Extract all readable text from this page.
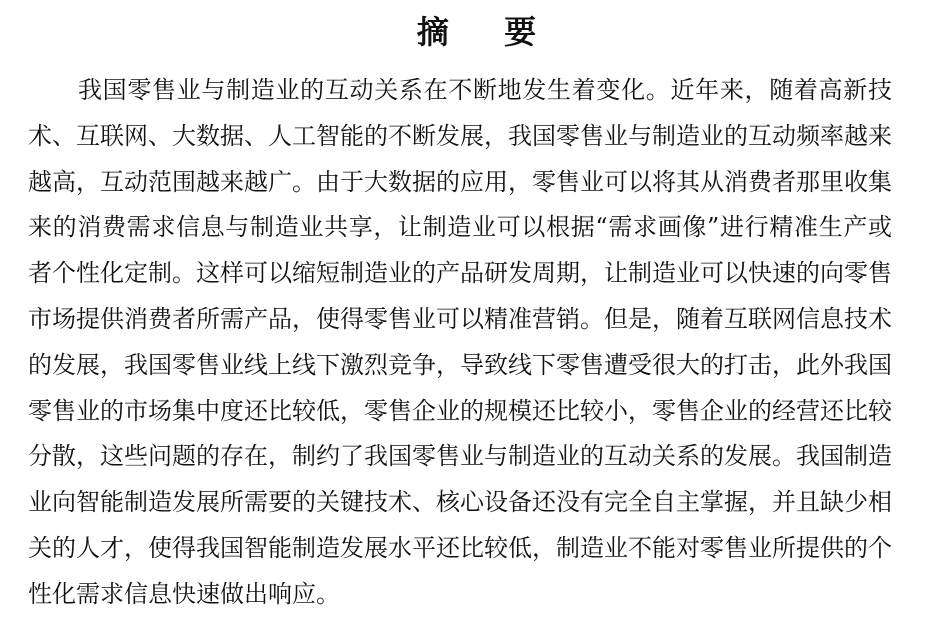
摘 要

我国零售业与制造业的互动关系在不断地发生着变化。近年来，随着高新技术、互联网、大数据、人工智能的不断发展，我国零售业与制造业的互动频率越来越高，互动范围越来越广。由于大数据的应用，零售业可以将其从消费者那里收集来的消费需求信息与制造业共享，让制造业可以根据“需求画像”进行精准生产或者个性化定制。这样可以缩短制造业的产品研发周期，让制造业可以快速的向零售市场提供消费者所需产品，使得零售业可以精准营销。但是，随着互联网信息技术的发展，我国零售业线上线下激烈竞争，导致线下零售遭受很大的打击，此外我国零售业的市场集中度还比较低，零售企业的规模还比较小，零售企业的经营还比较分散，这些问题的存在，制约了我国零售业与制造业的互动关系的发展。我国制造业向智能制造发展所需要的关键技术、核心设备还没有完全自主掌握，并且缺少相关的人才，使得我国智能制造发展水平还比较低，制造业不能对零售业所提供的个性化需求信息快速做出响应。
